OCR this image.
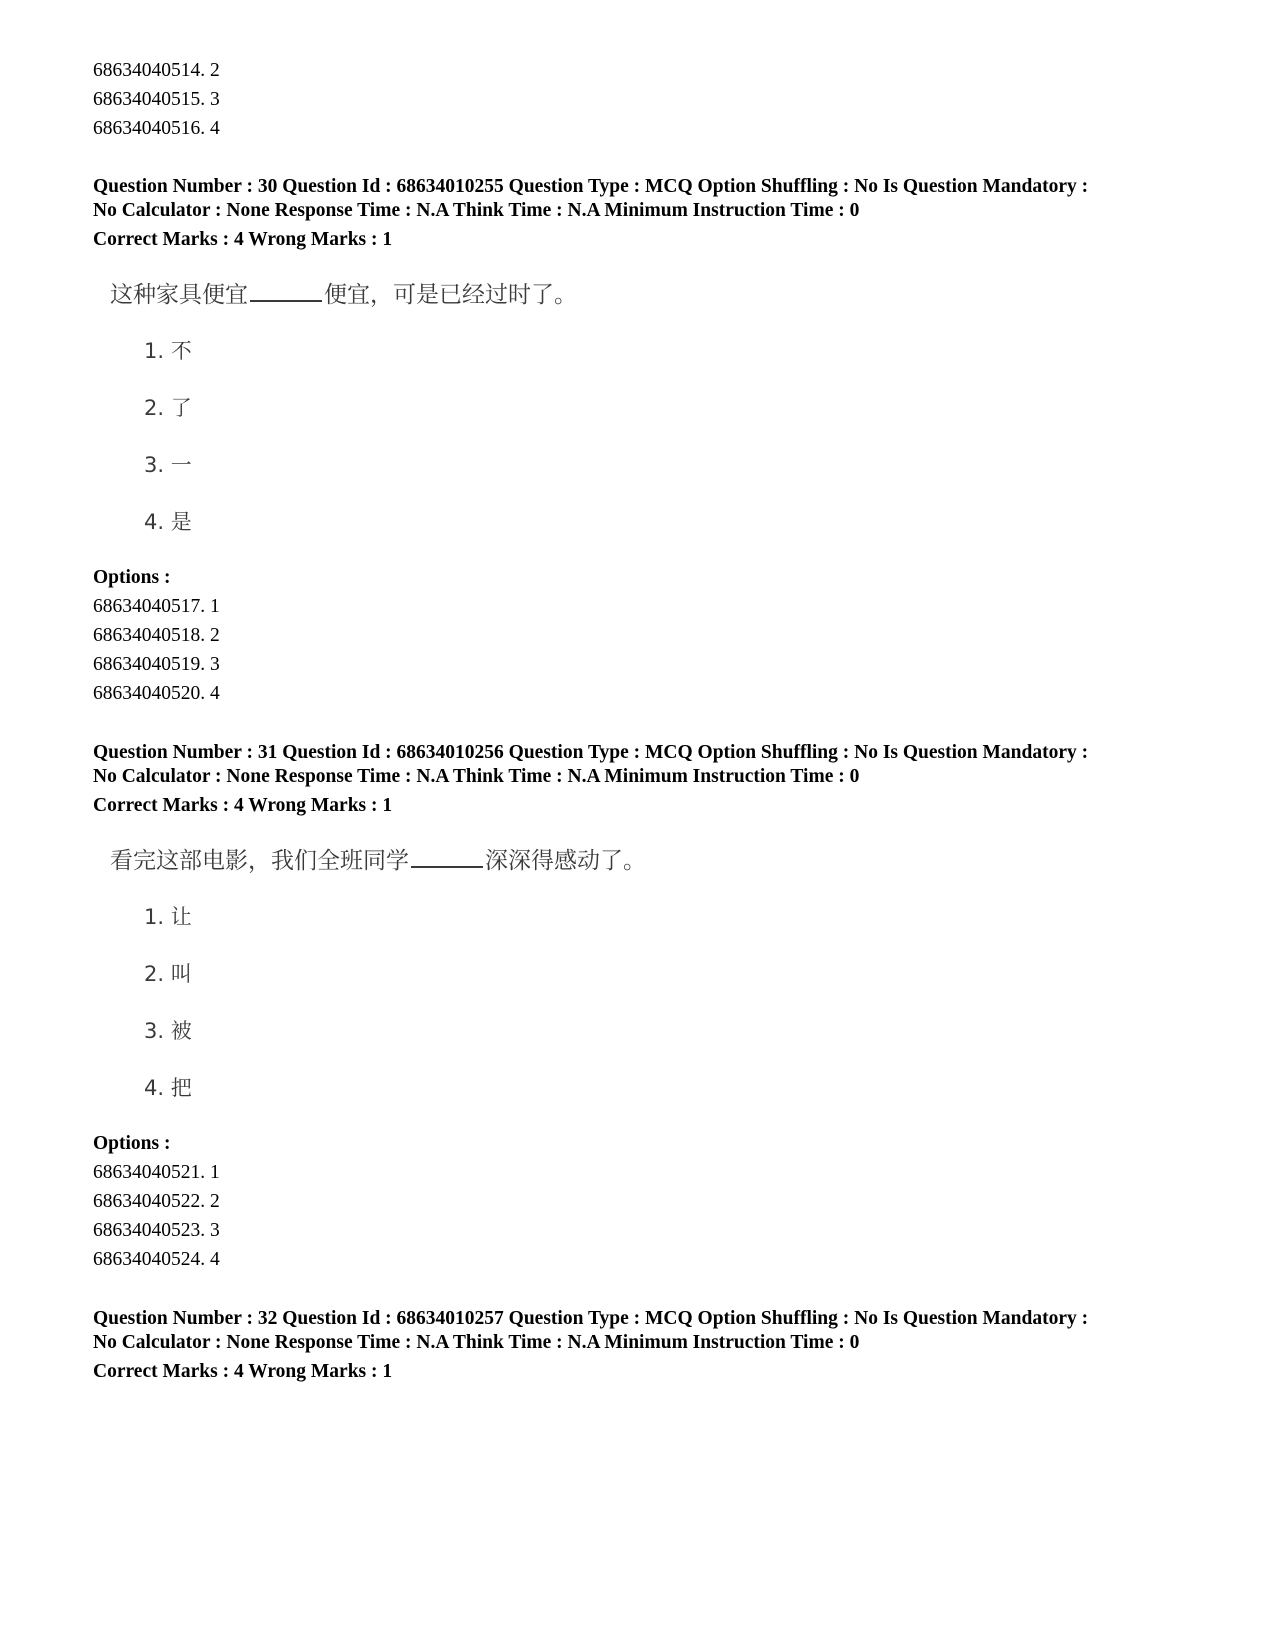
68634040514. 2
68634040515. 3
68634040516. 4
Question Number : 30 Question Id : 68634010255 Question Type : MCQ Option Shuffling : No Is Question Mandatory :
No Calculator : None Response Time : N.A Think Time : N.A Minimum Instruction Time : 0
Correct Marks : 4 Wrong Marks : 1
这种家具便宜	便宜，可是已经过时了。
1. 不
2. 了
3. 一
4. 是
Options :
68634040517. 1
68634040518. 2
68634040519. 3
68634040520. 4
Question Number : 31 Question Id : 68634010256 Question Type : MCQ Option Shuffling : No Is Question Mandatory :
No Calculator : None Response Time : N.A Think Time : N.A Minimum Instruction Time : 0
Correct Marks : 4 Wrong Marks : 1
看完这部电影，我们全班同学	深深得感动了。
1. 让
2. 叫
3. 被
4. 把
Options :
68634040521. 1
68634040522. 2
68634040523. 3
68634040524. 4
Question Number : 32 Question Id : 68634010257 Question Type : MCQ Option Shuffling : No Is Question Mandatory :
No Calculator : None Response Time : N.A Think Time : N.A Minimum Instruction Time : 0
Correct Marks : 4 Wrong Marks : 1
